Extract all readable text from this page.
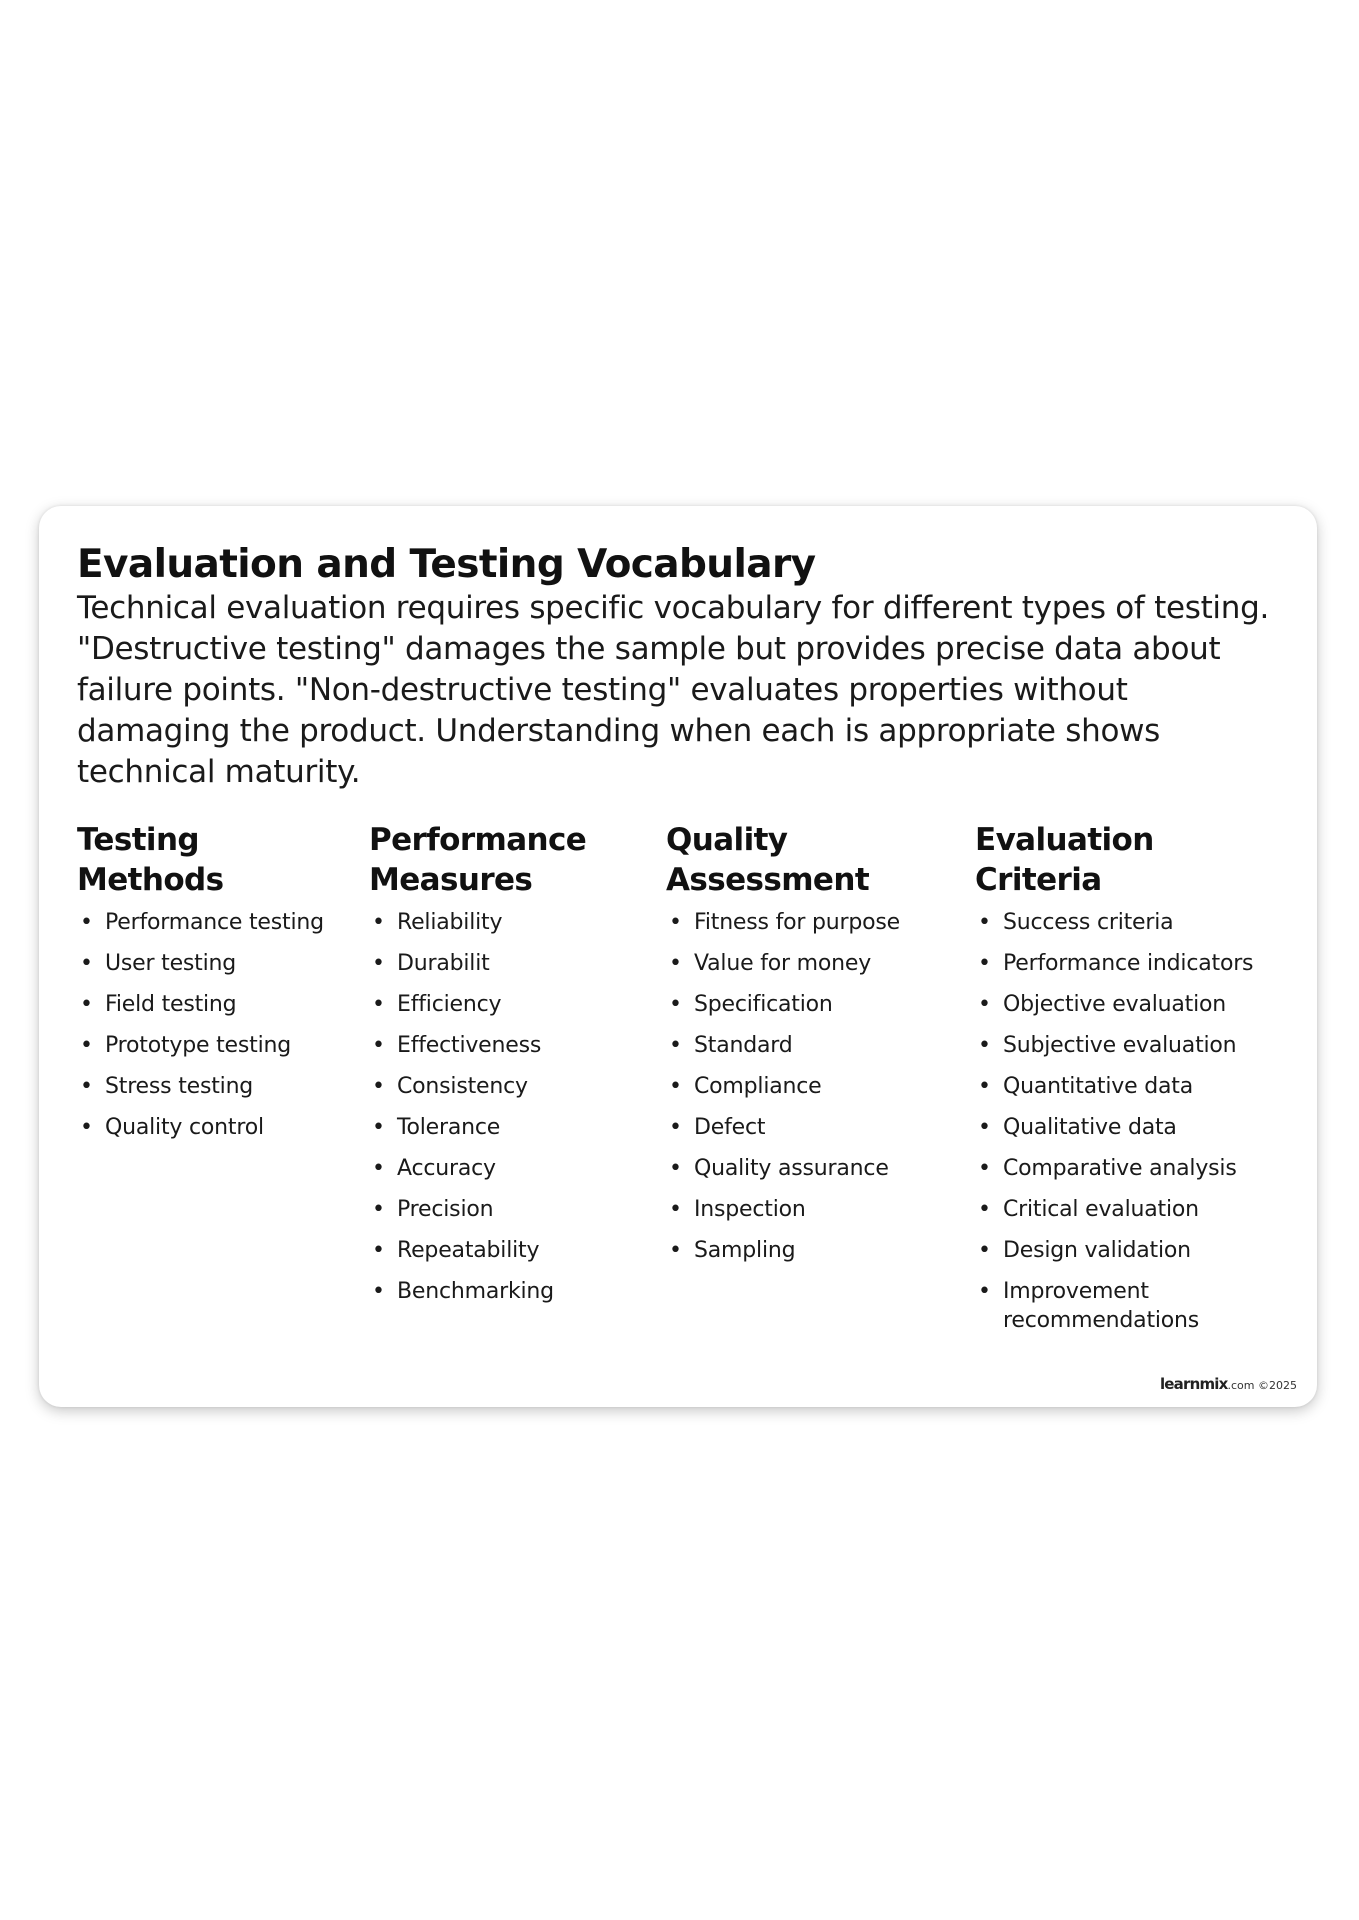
Evaluation and Testing Vocabulary

Technical evaluation requires specific vocabulary for different types of testing. "Destructive testing" damages the sample but provides precise data about failure points. "Non-destructive testing" evaluates properties without damaging the product. Understanding when each is appropriate shows technical maturity.

Testing
Methods
• Performance testing
• User testing
• Field testing
• Prototype testing
• Stress testing
• Quality control
Performance
Measures
• Reliability
• Durabilit
• Efficiency
• Effectiveness
• Consistency
• Tolerance
• Accuracy
• Precision
• Repeatability
• Benchmarking
Quality
Assessment
• Fitness for purpose
• Value for money
• Specification
• Standard
• Compliance
• Defect
• Quality assurance
• Inspection
• Sampling
Evaluation
Criteria
• Success criteria
• Performance indicators
• Objective evaluation
• Subjective evaluation
• Quantitative data
• Qualitative data
• Comparative analysis
• Critical evaluation
• Design validation
• Improvement recommendations
learnmix.com ©2025
